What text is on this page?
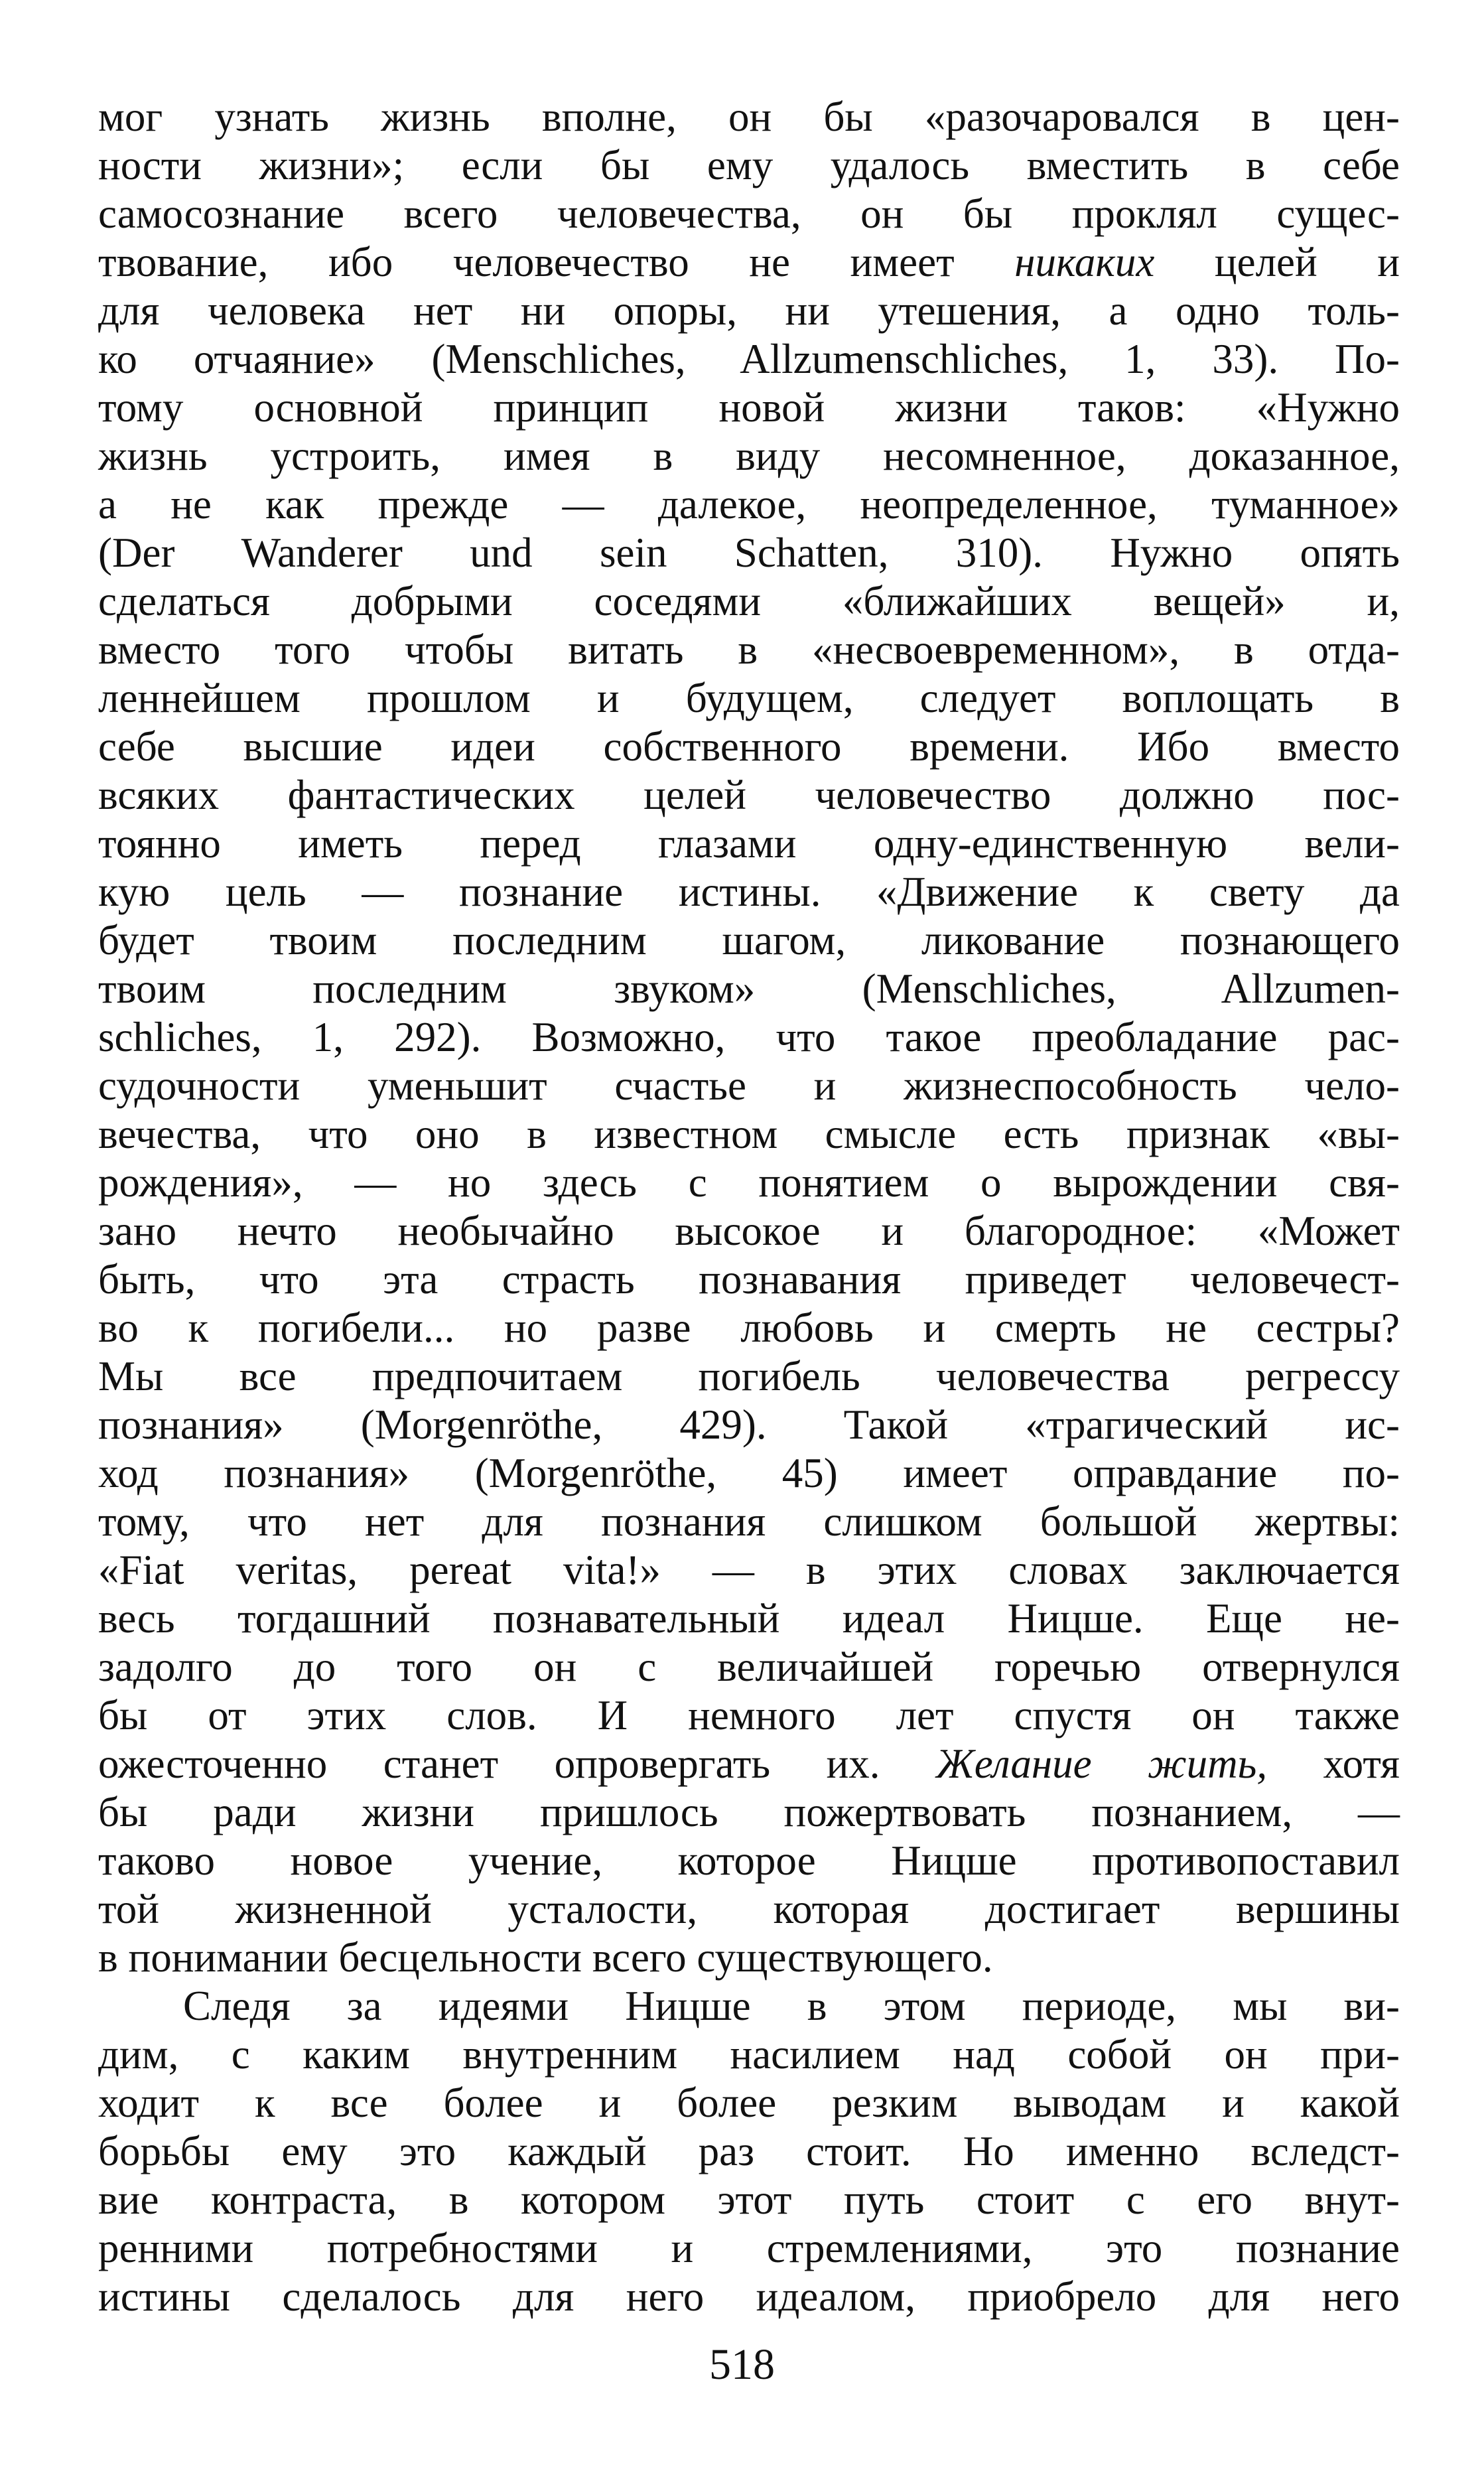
мог узнать жизнь вполне, он бы «разочаровался в цен-
ности жизни»; если бы ему удалось вместить в себе
самосознание всего человечества, он бы проклял сущес-
твование, ибо человечество не имеет никаких целей и
для человека нет ни опоры, ни утешения, а одно толь-
ко отчаяние» (Menschliches, Allzumenschliches, 1, 33). По-
тому основной принцип новой жизни таков: «Нужно
жизнь устроить, имея в виду несомненное, доказанное,
а не как прежде — далекое, неопределенное, туманное»
(Der Wanderer und sein Schatten, 310). Нужно опять
сделаться добрыми соседями «ближайших вещей» и,
вместо того чтобы витать в «несвоевременном», в отда-
леннейшем прошлом и будущем, следует воплощать в
себе высшие идеи собственного времени. Ибо вместо
всяких фантастических целей человечество должно пос-
тоянно иметь перед глазами одну-единственную вели-
кую цель — познание истины. «Движение к свету да
будет твоим последним шагом, ликование познающего
твоим последним звуком» (Menschliches, Allzumen-
schliches, 1, 292). Возможно, что такое преобладание рас-
судочности уменьшит счастье и жизнеспособность чело-
вечества, что оно в известном смысле есть признак «вы-
рождения», — но здесь с понятием о вырождении свя-
зано нечто необычайно высокое и благородное: «Может
быть, что эта страсть познавания приведет человечест-
во к погибели... но разве любовь и смерть не сестры?
Мы все предпочитаем погибель человечества регрессу
познания» (Morgenröthe, 429). Такой «трагический ис-
ход познания» (Morgenröthe, 45) имеет оправдание по-
тому, что нет для познания слишком большой жертвы:
«Fiat veritas, pereat vita!» — в этих словах заключается
весь тогдашний познавательный идеал Ницше. Еще не-
задолго до того он с величайшей горечью отвернулся
бы от этих слов. И немного лет спустя он также
ожесточенно станет опровергать их. Желание жить, хотя
бы ради жизни пришлось пожертвовать познанием, —
таково новое учение, которое Ницше противопоставил
той жизненной усталости, которая достигает вершины
в понимании бесцельности всего существующего.
Следя за идеями Ницше в этом периоде, мы ви-
дим, с каким внутренним насилием над собой он при-
ходит к все более и более резким выводам и какой
борьбы ему это каждый раз стоит. Но именно вследст-
вие контраста, в котором этот путь стоит с его внут-
ренними потребностями и стремлениями, это познание
истины сделалось для него идеалом, приобрело для него
518
